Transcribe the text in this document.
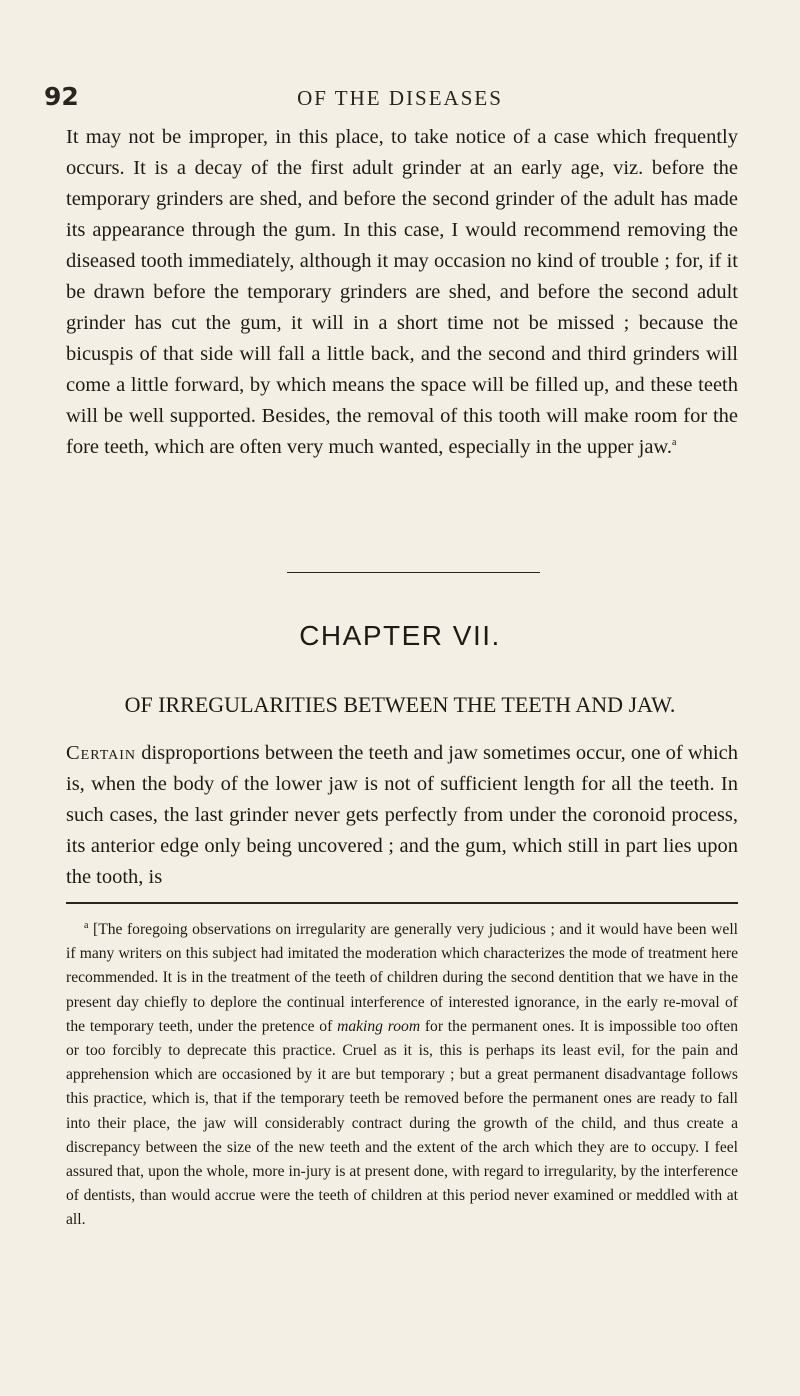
92	OF THE DISEASES

It may not be improper, in this place, to take notice of a case which frequently occurs. It is a decay of the first adult grinder at an early age, viz. before the temporary grinders are shed, and before the second grinder of the adult has made its appearance through the gum. In this case, I would recommend removing the diseased tooth immediately, although it may occasion no kind of trouble ; for, if it be drawn before the temporary grinders are shed, and before the second adult grinder has cut the gum, it will in a short time not be missed ; because the bicuspis of that side will fall a little back, and the second and third grinders will come a little forward, by which means the space will be filled up, and these teeth will be well supported. Besides, the removal of this tooth will make room for the fore teeth, which are often very much wanted, especially in the upper jaw.$^a$

CHAPTER VII.
OF IRREGULARITIES BETWEEN THE TEETH AND JAW.

Certain disproportions between the teeth and jaw sometimes occur, one of which is, when the body of the lower jaw is not of sufficient length for all the teeth. In such cases, the last grinder never gets perfectly from under the coronoid process, its anterior edge only being uncovered ; and the gum, which still in part lies upon the tooth, is

$^a$ [The foregoing observations on irregularity are generally very judicious ; and it would have been well if many writers on this subject had imitated the moderation which characterizes the mode of treatment here recommended. It is in the treatment of the teeth of children during the second dentition that we have in the present day chiefly to deplore the continual interference of interested ignorance, in the early re-moval of the temporary teeth, under the pretence of making room for the permanent ones. It is impossible too often or too forcibly to deprecate this practice. Cruel as it is, this is perhaps its least evil, for the pain and apprehension which are occasioned by it are but temporary ; but a great permanent disadvantage follows this practice, which is, that if the temporary teeth be removed before the permanent ones are ready to fall into their place, the jaw will considerably contract during the growth of the child, and thus create a discrepancy between the size of the new teeth and the extent of the arch which they are to occupy. I feel assured that, upon the whole, more in-jury is at present done, with regard to irregularity, by the interference of dentists, than would accrue were the teeth of children at this period never examined or meddled with at all.
